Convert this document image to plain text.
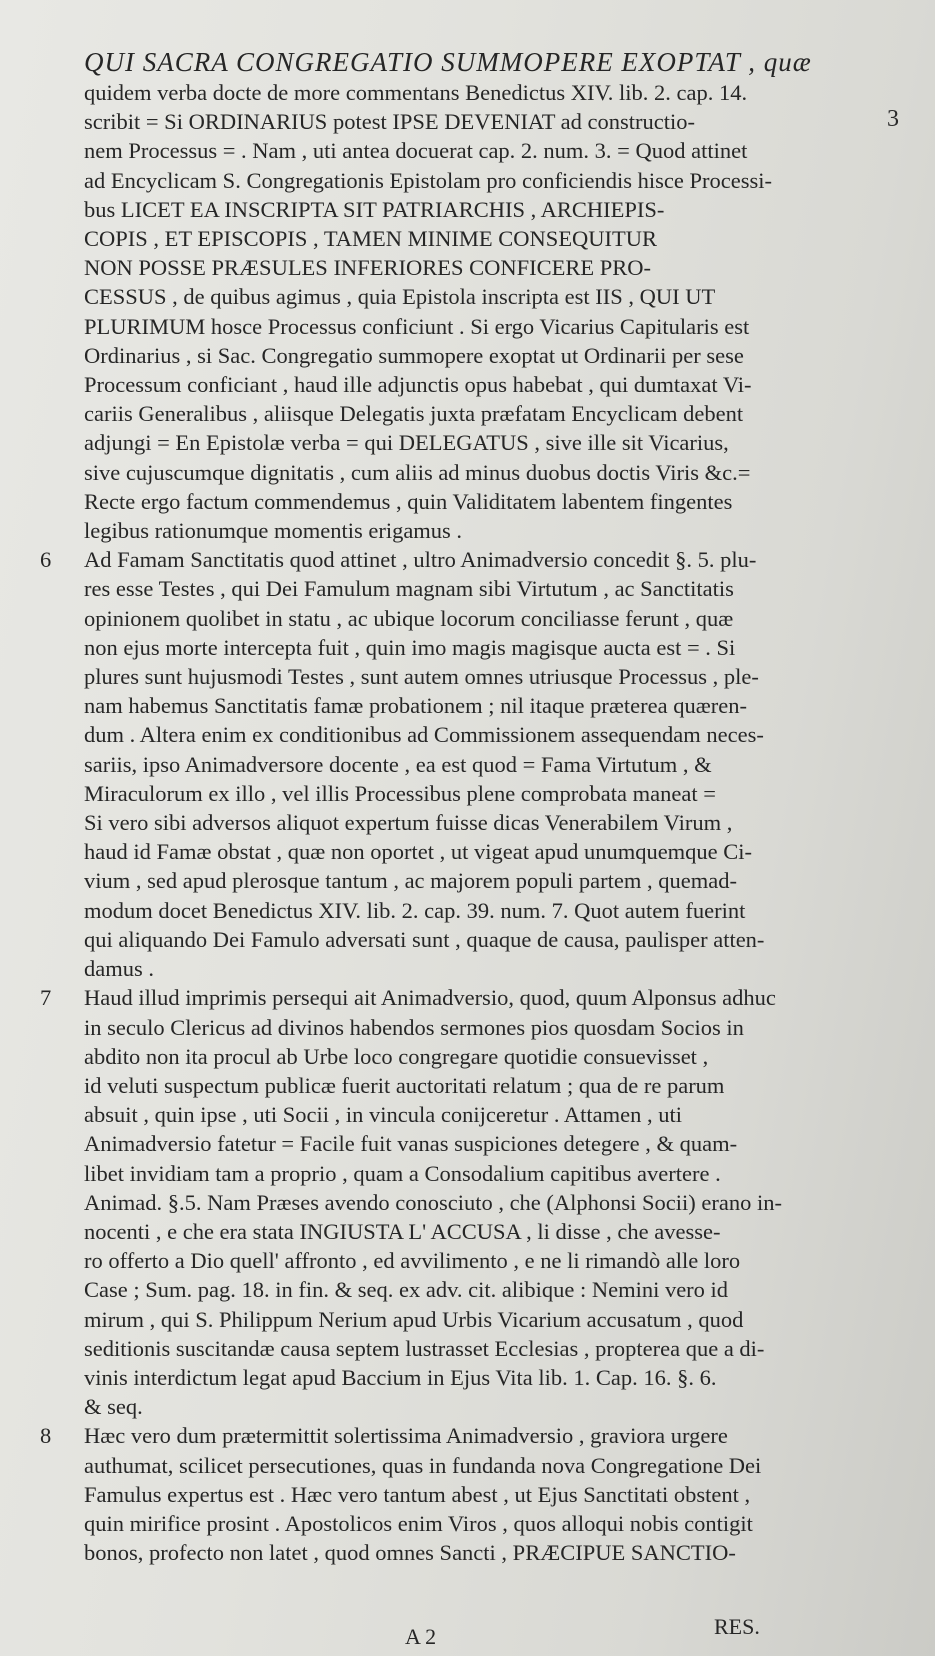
3

QUI SACRA CONGREGATIO SUMMOPERE EXOPTAT , quæ

quidem verba docte de more commentans Benedictus XIV. lib. 2. cap. 14.
scribit = Si ORDINARIUS potest IPSE DEVENIAT ad constructio-
nem Processus = . Nam , uti antea docuerat cap. 2. num. 3. = Quod attinet
ad Encyclicam S. Congregationis Epistolam pro conficiendis hisce Processi-
bus LICET EA INSCRIPTA SIT PATRIARCHIS , ARCHIEPIS-
COPIS , ET EPISCOPIS , TAMEN MINIME CONSEQUITUR
NON POSSE PRÆSULES INFERIORES CONFICERE PRO-
CESSUS , de quibus agimus , quia Epistola inscripta est IIS , QUI UT
PLURIMUM hosce Processus conficiunt . Si ergo Vicarius Capitularis est
Ordinarius , si Sac. Congregatio summopere exoptat ut Ordinarii per sese
Processum conficiant , haud ille adjunctis opus habebat , qui dumtaxat Vi-
cariis Generalibus , aliisque Delegatis juxta præfatam Encyclicam debent
adjungi = En Epistolæ verba = qui DELEGATUS , sive ille sit Vicarius,
sive cujuscumque dignitatis , cum aliis ad minus duobus doctis Viris &c.=
Recte ergo factum commendemus , quin Validitatem labentem fingentes
legibus rationumque momentis erigamus .

6 Ad Famam Sanctitatis quod attinet , ultro Animadversio concedit §. 5. plu-
res esse Testes , qui Dei Famulum magnam sibi Virtutum , ac Sanctitatis
opinionem quolibet in statu , ac ubique locorum conciliasse ferunt , quæ
non ejus morte intercepta fuit , quin imo magis magisque aucta est = . Si
plures sunt hujusmodi Testes , sunt autem omnes utriusque Processus , ple-
nam habemus Sanctitatis famæ probationem ; nil itaque præterea quæren-
dum . Altera enim ex conditionibus ad Commissionem assequendam neces-
sariis, ipso Animadversore docente , ea est quod = Fama Virtutum , &
Miraculorum ex illo , vel illis Processibus plene comprobata maneat =
Si vero sibi adversos aliquot expertum fuisse dicas Venerabilem Virum ,
haud id Famæ obstat , quæ non oportet , ut vigeat apud unumquemque Ci-
vium , sed apud plerosque tantum , ac majorem populi partem , quemad-
modum docet Benedictus XIV. lib. 2. cap. 39. num. 7. Quot autem fuerint
qui aliquando Dei Famulo adversati sunt , quaque de causa, paulisper atten-
damus .

7 Haud illud imprimis persequi ait Animadversio, quod, quum Alponsus adhuc
in seculo Clericus ad divinos habendos sermones pios quosdam Socios in
abdito non ita procul ab Urbe loco congregare quotidie consuevisset ,
id veluti suspectum publicæ fuerit auctoritati relatum ; qua de re parum
absuit , quin ipse , uti Socii , in vincula conijceretur . Attamen , uti
Animadversio fatetur = Facile fuit vanas suspiciones detegere , & quam-
libet invidiam tam a proprio , quam a Consodalium capitibus avertere .
Animad. §.5. Nam Præses avendo conosciuto , che (Alphonsi Socii) erano in-
nocenti , e che era stata INGIUSTA L' ACCUSA , li disse , che avesse-
ro offerto a Dio quell' affronto , ed avvilimento , e ne li rimandò alle loro
Case ; Sum. pag. 18. in fin. & seq. ex adv. cit. alibique : Nemini vero id
mirum , qui S. Philippum Nerium apud Urbis Vicarium accusatum , quod
seditionis suscitandæ causa septem lustrasset Ecclesias , propterea que a di-
vinis interdictum legat apud Baccium in Ejus Vita lib. 1. Cap. 16. §. 6.
& seq.

8 Hæc vero dum prætermittit solertissima Animadversio , graviora urgere
authumat, scilicet persecutiones, quas in fundanda nova Congregatione Dei
Famulus expertus est . Hæc vero tantum abest , ut Ejus Sanctitati obstent ,
quin mirifice prosint . Apostolicos enim Viros , quos alloqui nobis contigit
bonos, profecto non latet , quod omnes Sancti , PRÆCIPUE SANCTIO-

A 2	RES.
